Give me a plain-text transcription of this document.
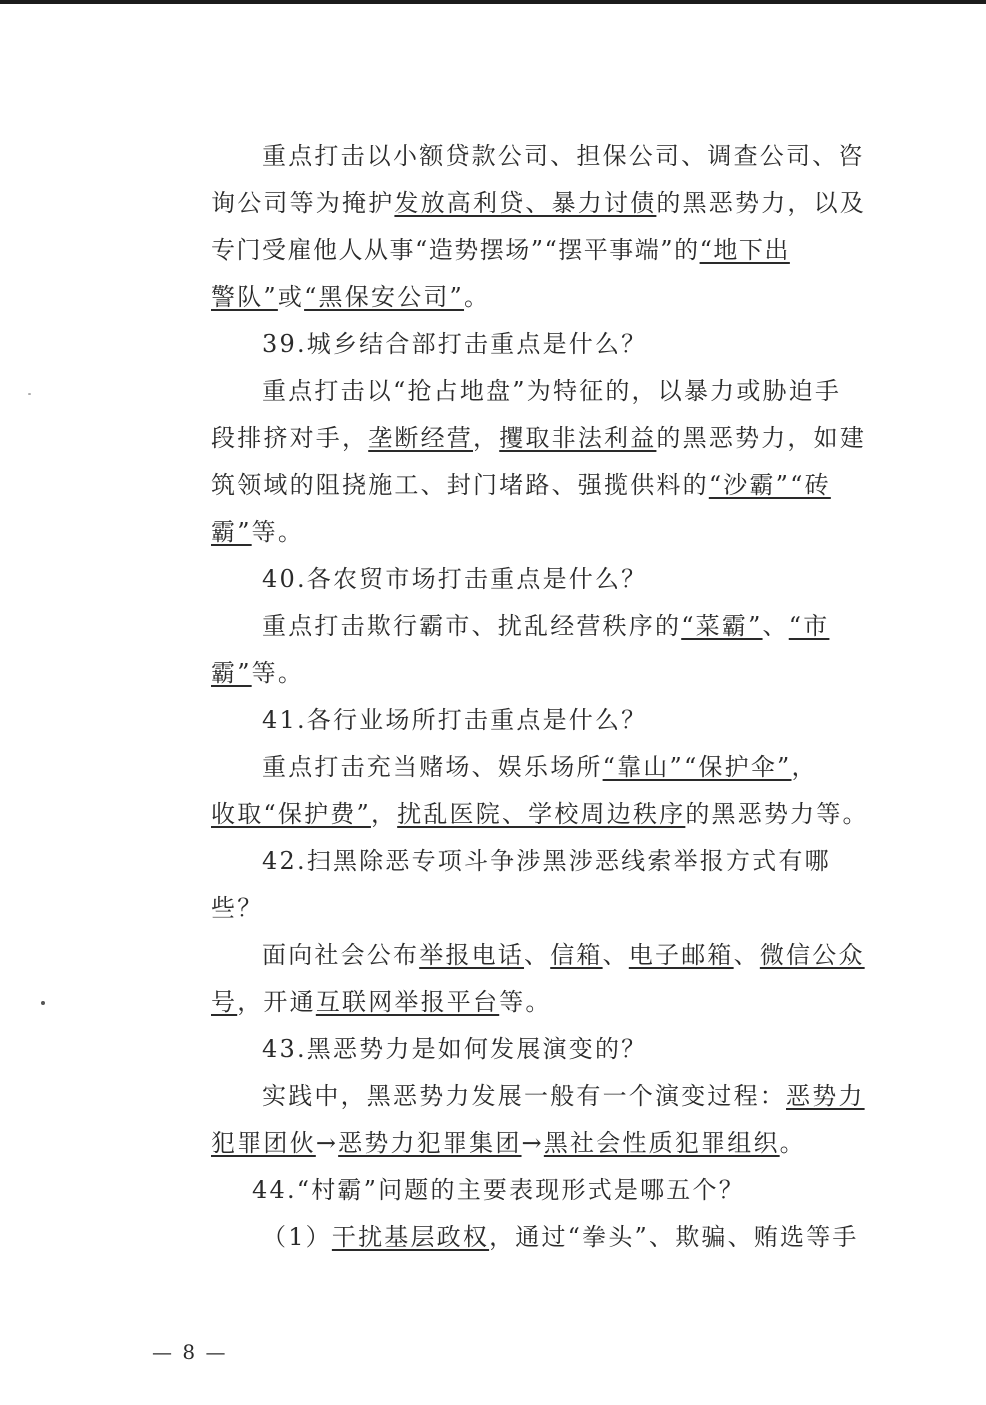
重点打击以小额贷款公司、担保公司、调查公司、咨
询公司等为掩护发放高利贷、暴力讨债的黑恶势力，以及
专门受雇他人从事“造势摆场”“摆平事端”的“地下出
警队”或“黑保安公司”。
39.城乡结合部打击重点是什么？
重点打击以“抢占地盘”为特征的，以暴力或胁迫手
段排挤对手，垄断经营，攫取非法利益的黑恶势力，如建
筑领域的阻挠施工、封门堵路、强揽供料的“沙霸”“砖
霸”等。
40.各农贸市场打击重点是什么？
重点打击欺行霸市、扰乱经营秩序的“菜霸”、“市
霸”等。
41.各行业场所打击重点是什么？
重点打击充当赌场、娱乐场所“靠山”“保护伞”，
收取“保护费”，扰乱医院、学校周边秩序的黑恶势力等。
42.扫黑除恶专项斗争涉黑涉恶线索举报方式有哪
些？
面向社会公布举报电话、信箱、电子邮箱、微信公众
号，开通互联网举报平台等。
43.黑恶势力是如何发展演变的？
实践中，黑恶势力发展一般有一个演变过程：恶势力
犯罪团伙→恶势力犯罪集团→黑社会性质犯罪组织。
44.“村霸”问题的主要表现形式是哪五个？
（1）干扰基层政权，通过“拳头”、欺骗、贿选等手
— 8 —
